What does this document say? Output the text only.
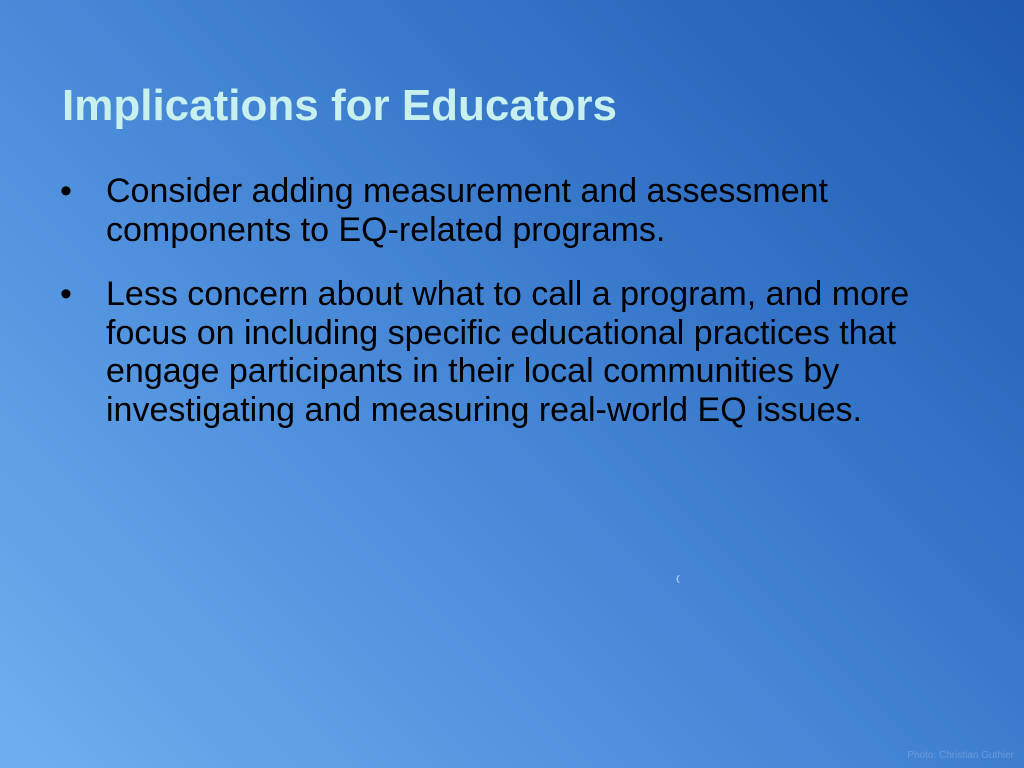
Implications for Educators
• Consider adding measurement and assessment components to EQ-related programs.
• Less concern about what to call a program, and more focus on including specific educational practices that engage participants in their local communities by investigating and measuring real-world EQ issues.
Photo: Christian Guthier
